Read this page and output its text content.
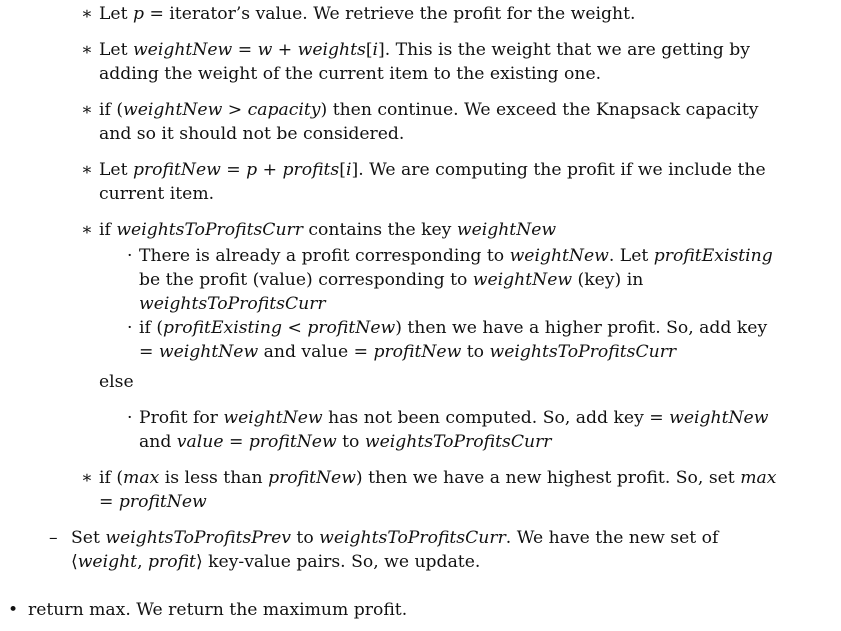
∗ Let p = iterator’s value. We retrieve the profit for the weight.
∗ Let weightNew = w + weights[i]. This is the weight that we are getting by adding the weight of the current item to the existing one.
∗ if (weightNew > capacity) then continue. We exceed the Knapsack capacity and so it should not be considered.
∗ Let profitNew = p + profits[i]. We are computing the profit if we include the current item.
∗ if weightsToProfitsCurr contains the key weightNew
· There is already a profit corresponding to weightNew. Let profitExisting be the profit (value) corresponding to weightNew (key) in weightsToProfitsCurr
· if (profitExisting < profitNew) then we have a higher profit. So, add key = weightNew and value = profitNew to weightsToProfitsCurr
else
· Profit for weightNew has not been computed. So, add key = weightNew and value = profitNew to weightsToProfitsCurr
∗ if (max is less than profitNew) then we have a new highest profit. So, set max = profitNew
– Set weightsToProfitsPrev to weightsToProfitsCurr. We have the new set of ⟨weight, profit⟩ key-value pairs. So, we update.
• return max. We return the maximum profit.
